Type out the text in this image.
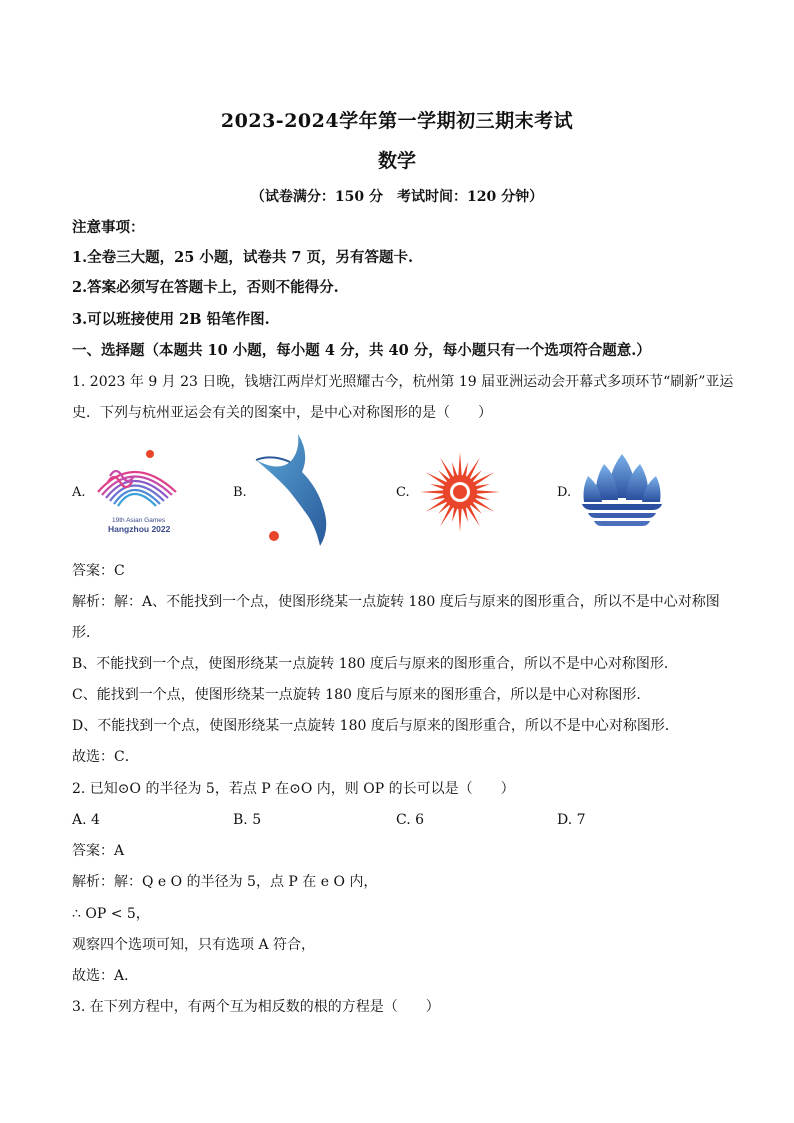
2023-2024学年第一学期初三期末考试
数学
（试卷满分：150 分　考试时间：120 分钟）
注意事项：
1.全卷三大题，25 小题，试卷共 7 页，另有答题卡.
2.答案必须写在答题卡上，否则不能得分.
3.可以班接使用 2B 铅笔作图.
一、选择题（本题共 10 小题，每小题 4 分，共 40 分，每小题只有一个选项符合题意.）
1. 2023 年 9 月 23 日晚，钱塘江两岸灯光照耀古今，杭州第 19 届亚洲运动会开幕式多项环节“刷新”亚运
史．下列与杭州亚运会有关的图案中，是中心对称图形的是（　　）
A.
19th Asian Games
Hangzhou 2022
B.	C.	D.
答案：C
解析：解：A、不能找到一个点，使图形绕某一点旋转 180 度后与原来的图形重合，所以不是中心对称图
形．
B、不能找到一个点，使图形绕某一点旋转 180 度后与原来的图形重合，所以不是中心对称图形．
C、能找到一个点，使图形绕某一点旋转 180 度后与原来的图形重合，所以是中心对称图形．
D、不能找到一个点，使图形绕某一点旋转 180 度后与原来的图形重合，所以不是中心对称图形．
故选：C．
2. 已知⊙O 的半径为 5，若点 P 在⊙O 内，则 OP 的长可以是（　　）
A. 4	B. 5	C. 6	D. 7
答案：A
解析：解：Q e O 的半径为 5，点 P 在 e O 内，
∴ OP < 5，
观察四个选项可知，只有选项 A 符合，
故选：A．
3. 在下列方程中，有两个互为相反数的根的方程是（　　）
